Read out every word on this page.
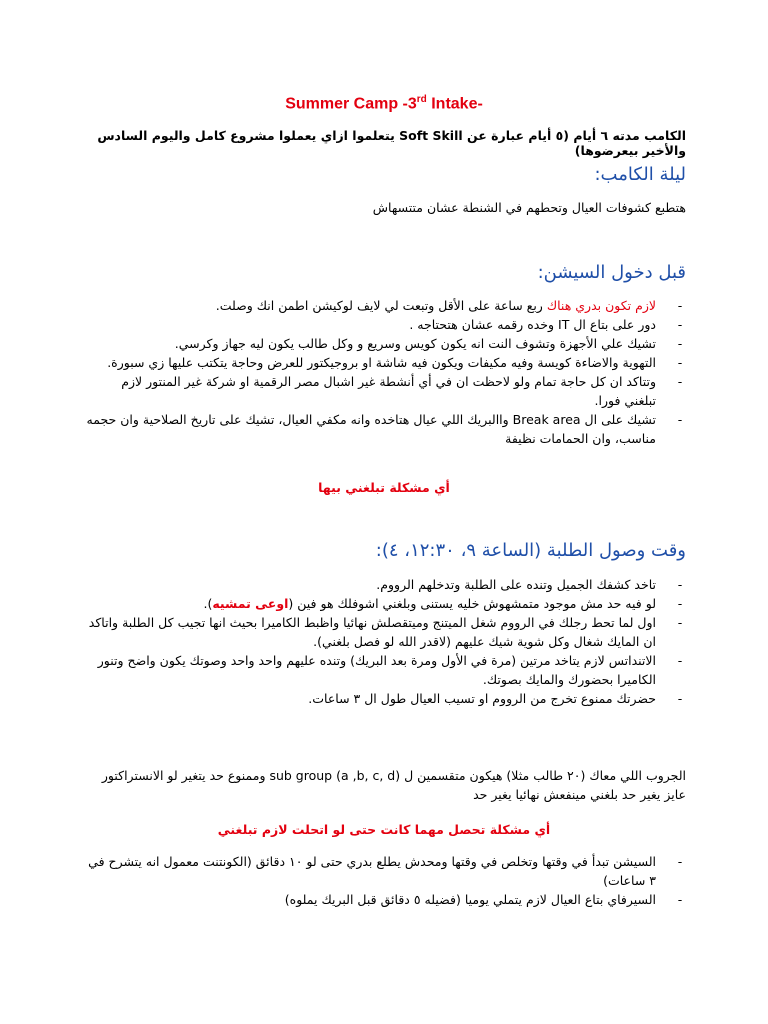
Summer Camp -3rd Intake-
الكامب مدته ٦ أيام (٥ أيام عبارة عن Soft Skill يتعلموا ازاي يعملوا مشروع كامل واليوم السادس والأخير بيعرضوها)
ليلة الكامب:
هتطبع كشوفات العيال وتحطهم في الشنطة عشان متتسهاش
قبل دخول السيشن:
-
لازم تكون بدري هناك ربع ساعة على الأقل وتبعت لي لايف لوكيشن اطمن انك وصلت.
-
دور على بتاع ال IT وخده رقمه عشان هتحتاجه .
-
تشيك علي الأجهزة وتشوف النت انه يكون كويس وسريع و وكل طالب يكون ليه جهاز وكرسي.
-
التهوية والاضاءة كويسة وفيه مكيفات ويكون فيه شاشة او بروجيكتور للعرض وحاجة يتكتب عليها زي سبورة.
-
وتتاكد ان كل حاجة تمام ولو لاحظت ان في أي أنشطة غير اشبال مصر الرقمية او شركة غير المنتور لازم تبلغني فورا.
-
تشيك على ال Break area واالبريك اللي عيال هتاخده وانه مكفي العيال، تشيك على تاريخ الصلاحية وان حجمه مناسب، وان الحمامات نظيفة
أي مشكلة تبلغني بيها
وقت وصول الطلبة (الساعة ٩، ١٢:٣٠، ٤):
-
تاخد كشفك الجميل وتنده على الطلبة وتدخلهم الرووم.
-
لو فيه حد مش موجود متمشهوش خليه يستنى وبلغني اشوفلك هو فين (اوعى تمشيه).
-
اول لما تحط رجلك في الرووم شغل الميتنج وميتقصلش نهائيا واظبط الكاميرا بحيث انها تجيب كل الطلبة واتاكد ان المايك شغال وكل شوية شيك عليهم (لاقدر الله لو فصل بلغني).
-
الاتنداتس لازم يتاخد مرتين (مرة في الأول ومرة بعد البريك) وتنده عليهم واحد واحد وصوتك يكون واضح وتنور الكاميرا بحضورك والمايك بصوتك.
-
حضرتك ممنوع تخرج من الرووم او تسيب العيال طول ال ٣ ساعات.
الجروب اللي معاك (٢٠ طالب مثلا) هيكون متقسمين ل sub group (a ,b, c, d) وممنوع حد يتغير لو الانستراكتور عايز يغير حد بلغني مينفعش نهائيا يغير حد
أي مشكلة تحصل مهما كانت حتى لو اتحلت لازم تبلغني
-
السيشن تبدأ في وقتها وتخلص في وقتها ومحدش يطلع بدري حتى لو ١٠ دقائق (الكونتنت معمول انه يتشرح في ٣ ساعات)
-
السيرفاي بتاع العيال لازم يتملي يوميا (فضيله ٥ دقائق قبل البريك يملوه)
